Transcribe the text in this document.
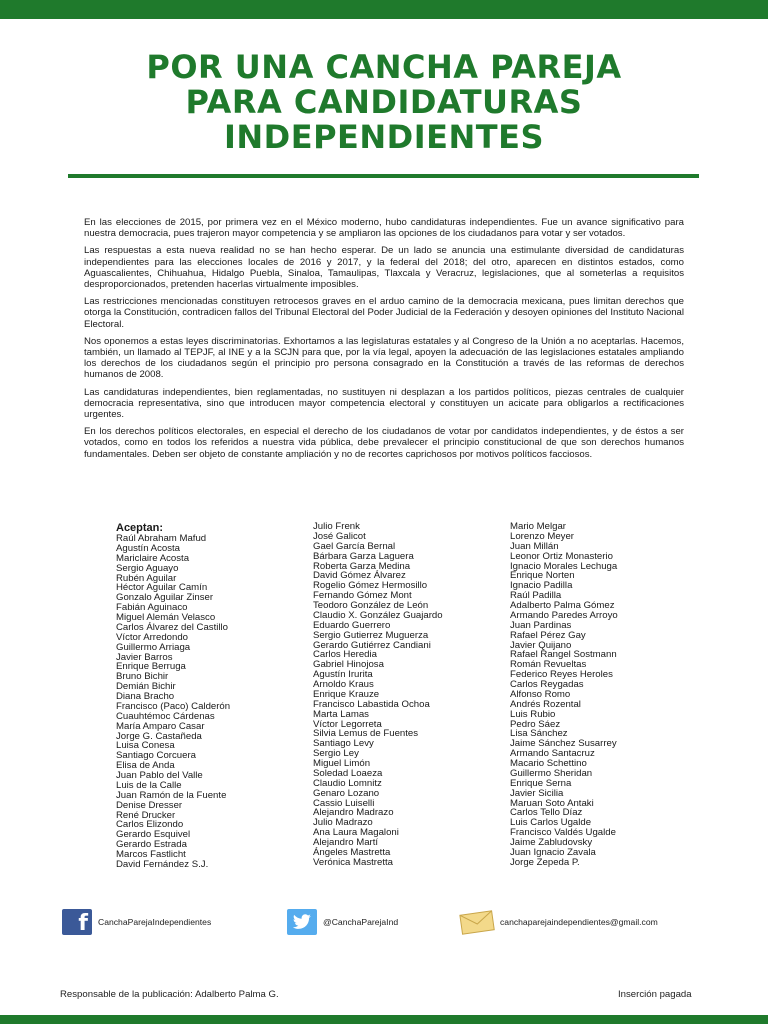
POR UNA CANCHA PAREJA
PARA CANDIDATURAS
INDEPENDIENTES

En las elecciones de 2015, por primera vez en el México moderno, hubo candidaturas independientes. Fue un avance significativo para nuestra democracia, pues trajeron mayor competencia y se ampliaron las opciones de los ciudadanos para votar y ser votados.

Las respuestas a esta nueva realidad no se han hecho esperar. De un lado se anuncia una estimulante diversidad de candidaturas independientes para las elecciones locales de 2016 y 2017, y la federal del 2018; del otro, aparecen en distintos estados, como Aguascalientes, Chihuahua, Hidalgo Puebla, Sinaloa, Tamaulipas, Tlaxcala y Veracruz, legislaciones, que al someterlas a requisitos desproporcionados, pretenden hacerlas virtualmente imposibles.

Las restricciones mencionadas constituyen retrocesos graves en el arduo camino de la democracia mexicana, pues limitan derechos que otorga la Constitución, contradicen fallos del Tribunal Electoral del Poder Judicial de la Federación y desoyen opiniones del Instituto Nacional Electoral.

Nos oponemos a estas leyes discriminatorias. Exhortamos a las legislaturas estatales y al Congreso de la Unión a no aceptarlas. Hacemos, también, un llamado al TEPJF, al INE y a la SCJN para que, por la vía legal, apoyen la adecuación de las legislaciones estatales ampliando los derechos de los ciudadanos según el principio pro persona consagrado en la Constitución a través de las reformas de derechos humanos de 2008.

Las candidaturas independientes, bien reglamentadas, no sustituyen ni desplazan a los partidos políticos, piezas centrales de cualquier democracia representativa, sino que introducen mayor competencia electoral y constituyen un acicate para obligarlos a rectificaciones urgentes.

En los derechos políticos electorales, en especial el derecho de los ciudadanos de votar por candidatos independientes, y de éstos a ser votados, como en todos los referidos a nuestra vida pública, debe prevalecer el principio constitucional de que son derechos humanos fundamentales. Deben ser objeto de constante ampliación y no de recortes caprichosos por motivos políticos facciosos.

Aceptan:
Raúl Abraham Mafud
Agustín Acosta
Mariclaire Acosta
Sergio Aguayo
Rubén Aguilar
Héctor Aguilar Camín
Gonzalo Aguilar Zinser
Fabián Aguinaco
Miguel Alemán Velasco
Carlos Álvarez del Castillo
Víctor Arredondo
Guillermo Arriaga
Javier Barros
Enrique Berruga
Bruno Bichir
Demián Bichir
Diana Bracho
Francisco (Paco) Calderón
Cuauhtémoc Cárdenas
María Amparo Casar
Jorge G. Castañeda
Luisa Conesa
Santiago Corcuera
Elisa de Anda
Juan Pablo del Valle
Luis de la Calle
Juan Ramón de la Fuente
Denise Dresser
René Drucker
Carlos Elizondo
Gerardo Esquivel
Gerardo Estrada
Marcos Fastlicht
David Fernández S.J.
Julio Frenk
José Galicot
Gael García Bernal
Bárbara Garza Laguera
Roberta Garza Medina
David Gómez Álvarez
Rogelio Gómez Hermosillo
Fernando Gómez Mont
Teodoro González de León
Claudio X. González Guajardo
Eduardo Guerrero
Sergio Gutierrez Muguerza
Gerardo Gutiérrez Candiani
Carlos Heredia
Gabriel Hinojosa
Agustín Irurita
Arnoldo Kraus
Enrique Krauze
Francisco Labastida Ochoa
Marta Lamas
Víctor Legorreta
Silvia Lemus de Fuentes
Santiago Levy
Sergio Ley
Miguel Limón
Soledad Loaeza
Claudio Lomnitz
Genaro Lozano
Cassio Luiselli
Alejandro Madrazo
Julio Madrazo
Ana Laura Magaloni
Alejandro Martí
Ángeles Mastretta
Verónica Mastretta
Mario Melgar
Lorenzo Meyer
Juan Millán
Leonor Ortiz Monasterio
Ignacio Morales Lechuga
Enrique Norten
Ignacio Padilla
Raúl Padilla
Adalberto Palma Gómez
Armando Paredes Arroyo
Juan Pardinas
Rafael Pérez Gay
Javier Quijano
Rafael Rangel Sostmann
Román Revueltas
Federico Reyes Heroles
Carlos Reygadas
Alfonso Romo
Andrés Rozental
Luis Rubio
Pedro Sáez
Lisa Sánchez
Jaime Sánchez Susarrey
Armando Santacruz
Macario Schettino
Guillermo Sheridan
Enrique Serna
Javier Sicilia
Maruan Soto Antaki
Carlos Tello Díaz
Luis Carlos Ugalde
Francisco Valdés Ugalde
Jaime Zabludovsky
Juan Ignacio Zavala
Jorge Zepeda P.
f CanchaParejaIndependientes	@CanchaParejaInd	canchaparejaindependientes@gmail.com
Responsable de la publicación: Adalberto Palma G.	Inserción pagada
